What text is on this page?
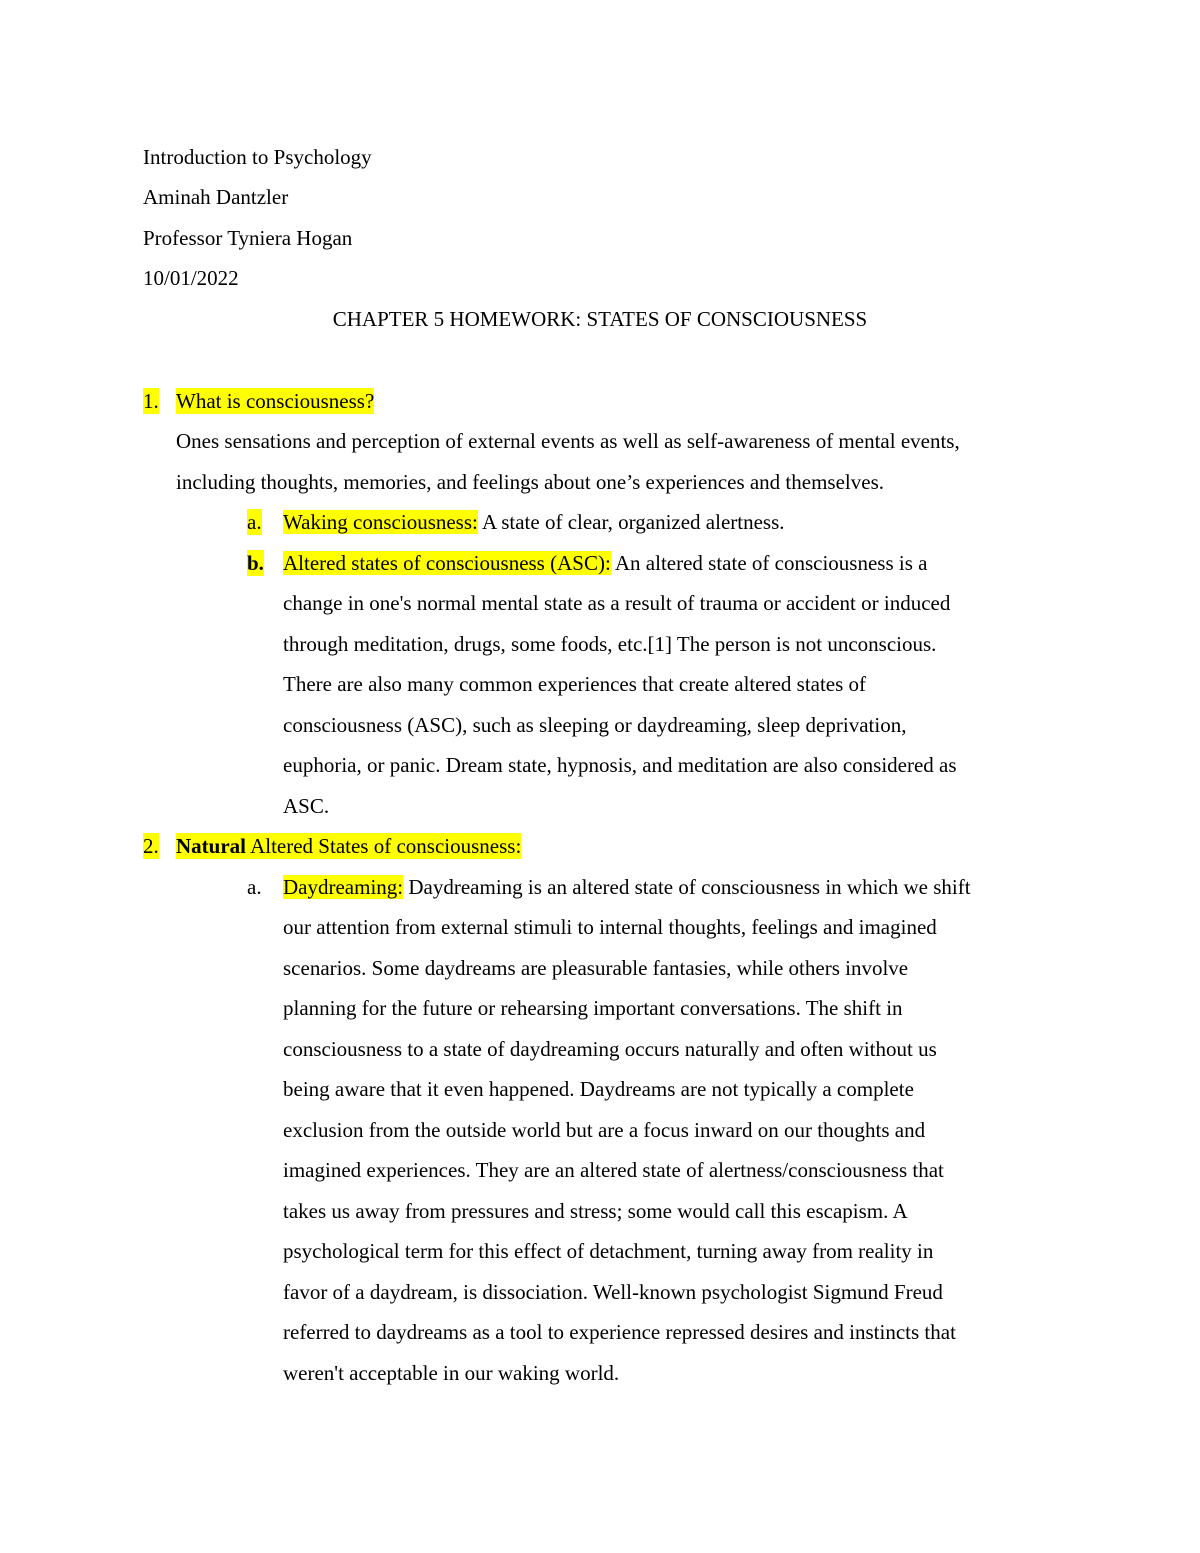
Introduction to Psychology
Aminah Dantzler
Professor Tyniera Hogan
10/01/2022
CHAPTER 5 HOMEWORK: STATES OF CONSCIOUSNESS
1. What is consciousness?
Ones sensations and perception of external events as well as self-awareness of mental events,
including thoughts, memories, and feelings about one’s experiences and themselves.
a. Waking consciousness: A state of clear, organized alertness.
b. Altered states of consciousness (ASC): An altered state of consciousness is a
change in one's normal mental state as a result of trauma or accident or induced
through meditation, drugs, some foods, etc.[1] The person is not unconscious.
There are also many common experiences that create altered states of
consciousness (ASC), such as sleeping or daydreaming, sleep deprivation,
euphoria, or panic. Dream state, hypnosis, and meditation are also considered as
ASC.
2. Natural Altered States of consciousness:
a. Daydreaming: Daydreaming is an altered state of consciousness in which we shift
our attention from external stimuli to internal thoughts, feelings and imagined
scenarios. Some daydreams are pleasurable fantasies, while others involve
planning for the future or rehearsing important conversations. The shift in
consciousness to a state of daydreaming occurs naturally and often without us
being aware that it even happened. Daydreams are not typically a complete
exclusion from the outside world but are a focus inward on our thoughts and
imagined experiences. They are an altered state of alertness/consciousness that
takes us away from pressures and stress; some would call this escapism. A
psychological term for this effect of detachment, turning away from reality in
favor of a daydream, is dissociation. Well-known psychologist Sigmund Freud
referred to daydreams as a tool to experience repressed desires and instincts that
weren't acceptable in our waking world.
